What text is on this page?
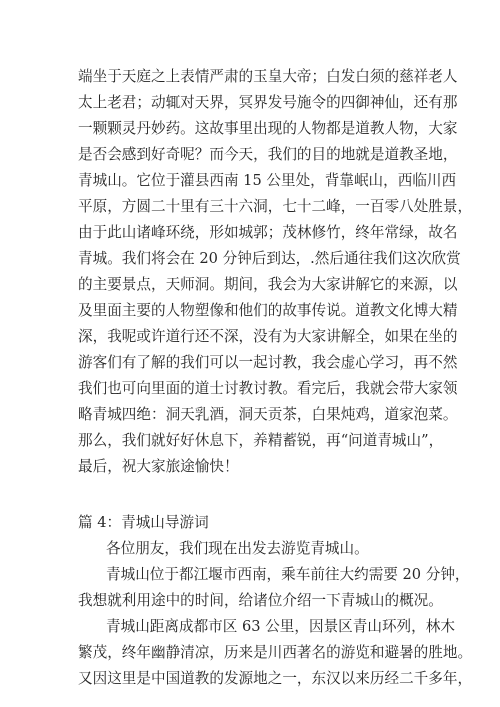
端坐于天庭之上表情严肃的玉皇大帝；白发白须的慈祥老人
太上老君；动辄对天界，冥界发号施令的四御神仙，还有那
一颗颗灵丹妙药。这故事里出现的人物都是道教人物，大家
是否会感到好奇呢？而今天，我们的目的地就是道教圣地，
青城山。它位于灌县西南 15 公里处，背靠岷山，西临川西
平原，方圆二十里有三十六洞，七十二峰，一百零八处胜景，
由于此山诸峰环绕，形如城郭；茂林修竹，终年常绿，故名
青城。我们将会在 20 分钟后到达，.然后通往我们这次欣赏
的主要景点，天师洞。期间，我会为大家讲解它的来源，以
及里面主要的人物塑像和他们的故事传说。道教文化博大精
深，我呢或许道行还不深，没有为大家讲解全，如果在坐的
游客们有了解的我们可以一起讨教，我会虚心学习，再不然
我们也可向里面的道士讨教讨教。看完后，我就会带大家领
略青城四绝：洞天乳酒，洞天贡茶，白果炖鸡，道家泡菜。
那么，我们就好好休息下，养精蓄锐，再“问道青城山”，
最后，祝大家旅途愉快！
篇 4：青城山导游词
各位朋友，我们现在出发去游览青城山。
青城山位于都江堰市西南，乘车前往大约需要 20 分钟，
我想就利用途中的时间，给诸位介绍一下青城山的概况。
青城山距离成都市区 63 公里，因景区青山环列，林木
繁茂，终年幽静清凉，历来是川西著名的游览和避暑的胜地。
又因这里是中国道教的发源地之一，东汉以来历经二千多年，
